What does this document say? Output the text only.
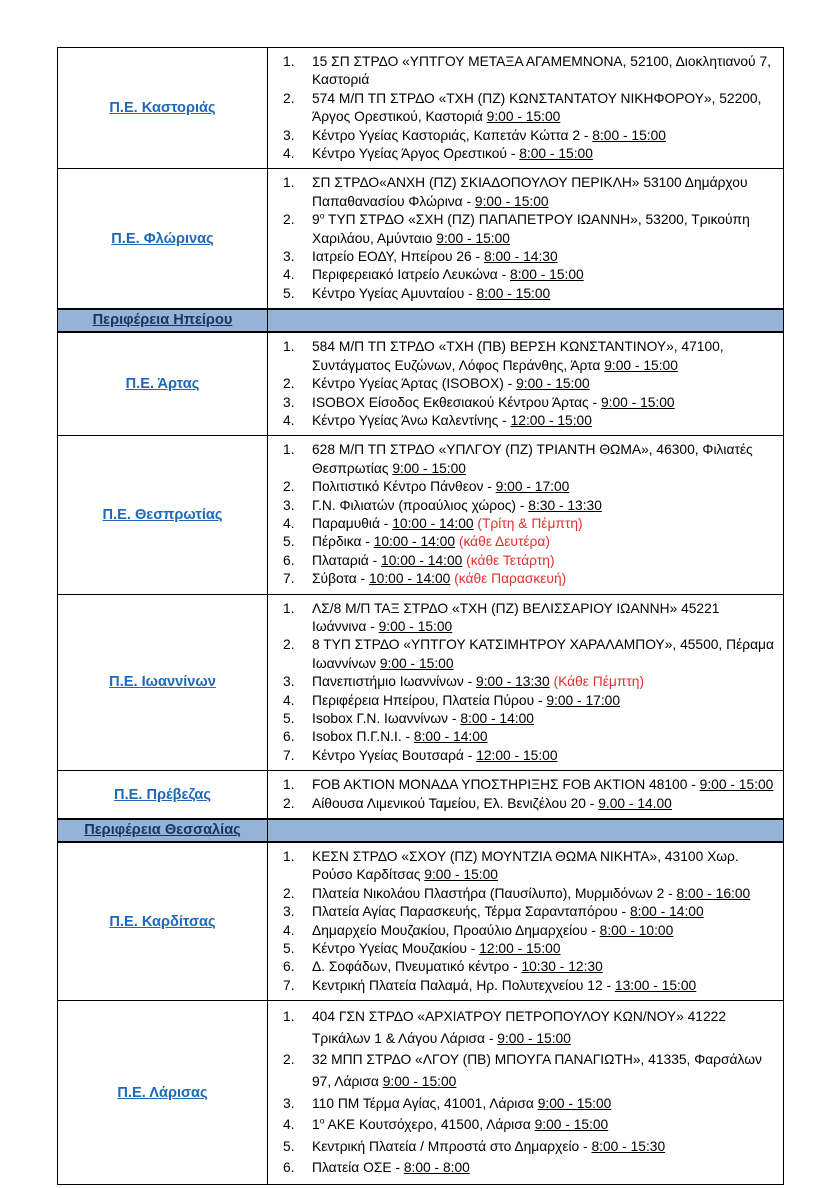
Π.Ε. Καστοριάς	
15 ΣΠ ΣΤΡΔΟ «ΥΠΤΓΟΥ ΜΕΤΑΞΑ ΑΓΑΜΕΜΝΟΝΑ, 52100, Διοκλητιανού 7, Καστοριά
574 Μ/Π ΤΠ ΣΤΡΔΟ «ΤΧΗ (ΠΖ) ΚΩΝΣΤΑΝΤΑΤΟΥ ΝΙΚΗΦΟΡΟΥ», 52200, Άργος Ορεστικού, Καστοριά 9:00 - 15:00
Κέντρο Υγείας Καστοριάς, Καπετάν Κώττα 2 - 8:00 - 15:00
Κέντρο Υγείας Άργος Ορεστικού - 8:00 - 15:00

Π.Ε. Φλώρινας	
ΣΠ ΣΤΡΔΟ«ΑΝΧΗ (ΠΖ) ΣΚΙΑΔΟΠΟΥΛΟΥ ΠΕΡΙΚΛΗ» 53100 Δημάρχου Παπαθανασίου Φλώρινα - 9:00 - 15:00
$9^o$ ΤΥΠ ΣΤΡΔΟ «ΣΧΗ (ΠΖ) ΠΑΠΑΠΕΤΡΟΥ ΙΩΑΝΝΗ», 53200, Τρικούπη Χαριλάου, Αμύνταιο 9:00 - 15:00
Ιατρείο ΕΟΔΥ, Ηπείρου 26 - 8:00 - 14:30
Περιφερειακό Ιατρείο Λευκώνα - 8:00 - 15:00
Κέντρο Υγείας Αμυνταίου - 8:00 - 15:00

Περιφέρεια Ηπείρου	

Π.Ε. Άρτας	
584 Μ/Π ΤΠ ΣΤΡΔΟ «ΤΧΗ (ΠΒ) ΒΕΡΣΗ ΚΩΝΣΤΑΝΤΙΝΟΥ», 47100, Συντάγματος Ευζώνων, Λόφος Περάνθης, Άρτα 9:00 - 15:00
Κέντρο Υγείας Άρτας (ISOBOX) - 9:00 - 15:00
ISOBOX Είσοδος Εκθεσιακού Κέντρου Άρτας - 9:00 - 15:00
Κέντρο Υγείας Άνω Καλεντίνης - 12:00 - 15:00

Π.Ε. Θεσπρωτίας	
628 Μ/Π ΤΠ ΣΤΡΔΟ «ΥΠΛΓΟΥ (ΠΖ) ΤΡΙΑΝΤΗ ΘΩΜΑ», 46300, Φιλιατές Θεσπρωτίας 9:00 - 15:00
Πολιτιστικό Κέντρο Πάνθεον - 9:00 - 17:00
Γ.Ν. Φιλιατών (προαύλιος χώρος) - 8:30 - 13:30
Παραμυθιά - 10:00 - 14:00 (Τρίτη & Πέμπτη)
Πέρδικα - 10:00 - 14:00 (κάθε Δευτέρα)
Πλαταριά - 10:00 - 14:00 (κάθε Τετάρτη)
Σύβοτα - 10:00 - 14:00 (κάθε Παρασκευή)

Π.Ε. Ιωαννίνων	
ΛΣ/8 Μ/Π ΤΑΞ ΣΤΡΔΟ «ΤΧΗ (ΠΖ) ΒΕΛΙΣΣΑΡΙΟΥ ΙΩΑΝΝΗ» 45221 Ιωάννινα - 9:00 - 15:00
8 ΤΥΠ ΣΤΡΔΟ «ΥΠΤΓΟΥ ΚΑΤΣΙΜΗΤΡΟΥ ΧΑΡΑΛΑΜΠΟΥ», 45500, Πέραμα Ιωαννίνων 9:00 - 15:00
Πανεπιστήμιο Ιωαννίνων - 9:00 - 13:30 (Κάθε Πέμπτη)
Περιφέρεια Ηπείρου, Πλατεία Πύρου - 9:00 - 17:00
Isobox Γ.Ν. Ιωαννίνων - 8:00 - 14:00
Isobox Π.Γ.Ν.Ι. - 8:00 - 14:00
Κέντρο Υγείας Βουτσαρά - 12:00 - 15:00

Π.Ε. Πρέβεζας	
FOB AKTION ΜΟΝΑΔΑ ΥΠΟΣΤΗΡΙΞΗΣ FOB AKTION 48100 - 9:00 - 15:00
Αίθουσα Λιμενικού Ταμείου, Ελ. Βενιζέλου 20 - 9.00 - 14.00

Περιφέρεια Θεσσαλίας	

Π.Ε. Καρδίτσας	
ΚΕΣΝ ΣΤΡΔΟ «ΣΧΟΥ (ΠΖ) ΜΟΥΝΤΖΙΑ ΘΩΜΑ ΝΙΚΗΤΑ», 43100 Χωρ. Ρούσο Καρδίτσας 9:00 - 15:00
Πλατεία Νικολάου Πλαστήρα (Παυσίλυπο), Μυρμιδόνων 2 - 8:00 - 16:00
Πλατεία Αγίας Παρασκευής, Τέρμα Σαρανταπόρου - 8:00 - 14:00
Δημαρχείο Μουζακίου, Προαύλιο Δημαρχείου - 8:00 - 10:00
Κέντρο Υγείας Μουζακίου - 12:00 - 15:00
Δ. Σοφάδων, Πνευματικό κέντρο - 10:30 - 12:30
Κεντρική Πλατεία Παλαμά, Ηρ. Πολυτεχνείου 12 - 13:00 - 15:00

Π.Ε. Λάρισας	
404 ΓΣΝ ΣΤΡΔΟ «ΑΡΧΙΑΤΡΟΥ ΠΕΤΡΟΠΟΥΛΟΥ ΚΩΝ/ΝΟΥ» 41222 Τρικάλων 1 & Λάγου Λάρισα - 9:00 - 15:00
32 ΜΠΠ ΣΤΡΔΟ «ΛΓΟΥ (ΠΒ) ΜΠΟΥΓΑ ΠΑΝΑΓΙΩΤΗ», 41335, Φαρσάλων 97, Λάρισα 9:00 - 15:00
110 ΠΜ Τέρμα Αγίας, 41001, Λάρισα 9:00 - 15:00
$1^o$ ΑΚΕ Κουτσόχερο, 41500, Λάρισα 9:00 - 15:00
Κεντρική Πλατεία / Μπροστά στο Δημαρχείο - 8:00 - 15:30
Πλατεία ΟΣΕ - 8:00 - 8:00
